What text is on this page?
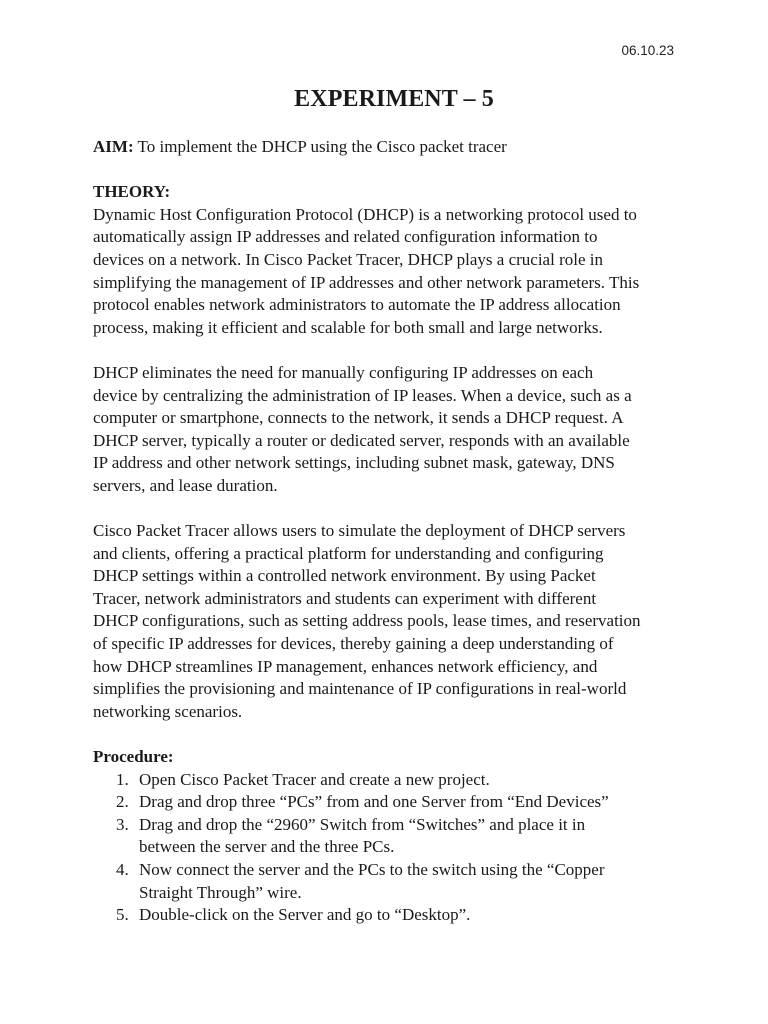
06.10.23
EXPERIMENT – 5

AIM: To implement the DHCP using the Cisco packet tracer

THEORY:

Dynamic Host Configuration Protocol (DHCP) is a networking protocol used to
automatically assign IP addresses and related configuration information to
devices on a network. In Cisco Packet Tracer, DHCP plays a crucial role in
simplifying the management of IP addresses and other network parameters. This
protocol enables network administrators to automate the IP address allocation
process, making it efficient and scalable for both small and large networks.

DHCP eliminates the need for manually configuring IP addresses on each
device by centralizing the administration of IP leases. When a device, such as a
computer or smartphone, connects to the network, it sends a DHCP request. A
DHCP server, typically a router or dedicated server, responds with an available
IP address and other network settings, including subnet mask, gateway, DNS
servers, and lease duration.

Cisco Packet Tracer allows users to simulate the deployment of DHCP servers
and clients, offering a practical platform for understanding and configuring
DHCP settings within a controlled network environment. By using Packet
Tracer, network administrators and students can experiment with different
DHCP configurations, such as setting address pools, lease times, and reservation
of specific IP addresses for devices, thereby gaining a deep understanding of
how DHCP streamlines IP management, enhances network efficiency, and
simplifies the provisioning and maintenance of IP configurations in real-world
networking scenarios.

Procedure:
1. Open Cisco Packet Tracer and create a new project.
2. Drag and drop three “PCs” from and one Server from “End Devices”
3. Drag and drop the “2960” Switch from “Switches” and place it in
between the server and the three PCs.
4. Now connect the server and the PCs to the switch using the “Copper
Straight Through” wire.
5. Double-click on the Server and go to “Desktop”.
